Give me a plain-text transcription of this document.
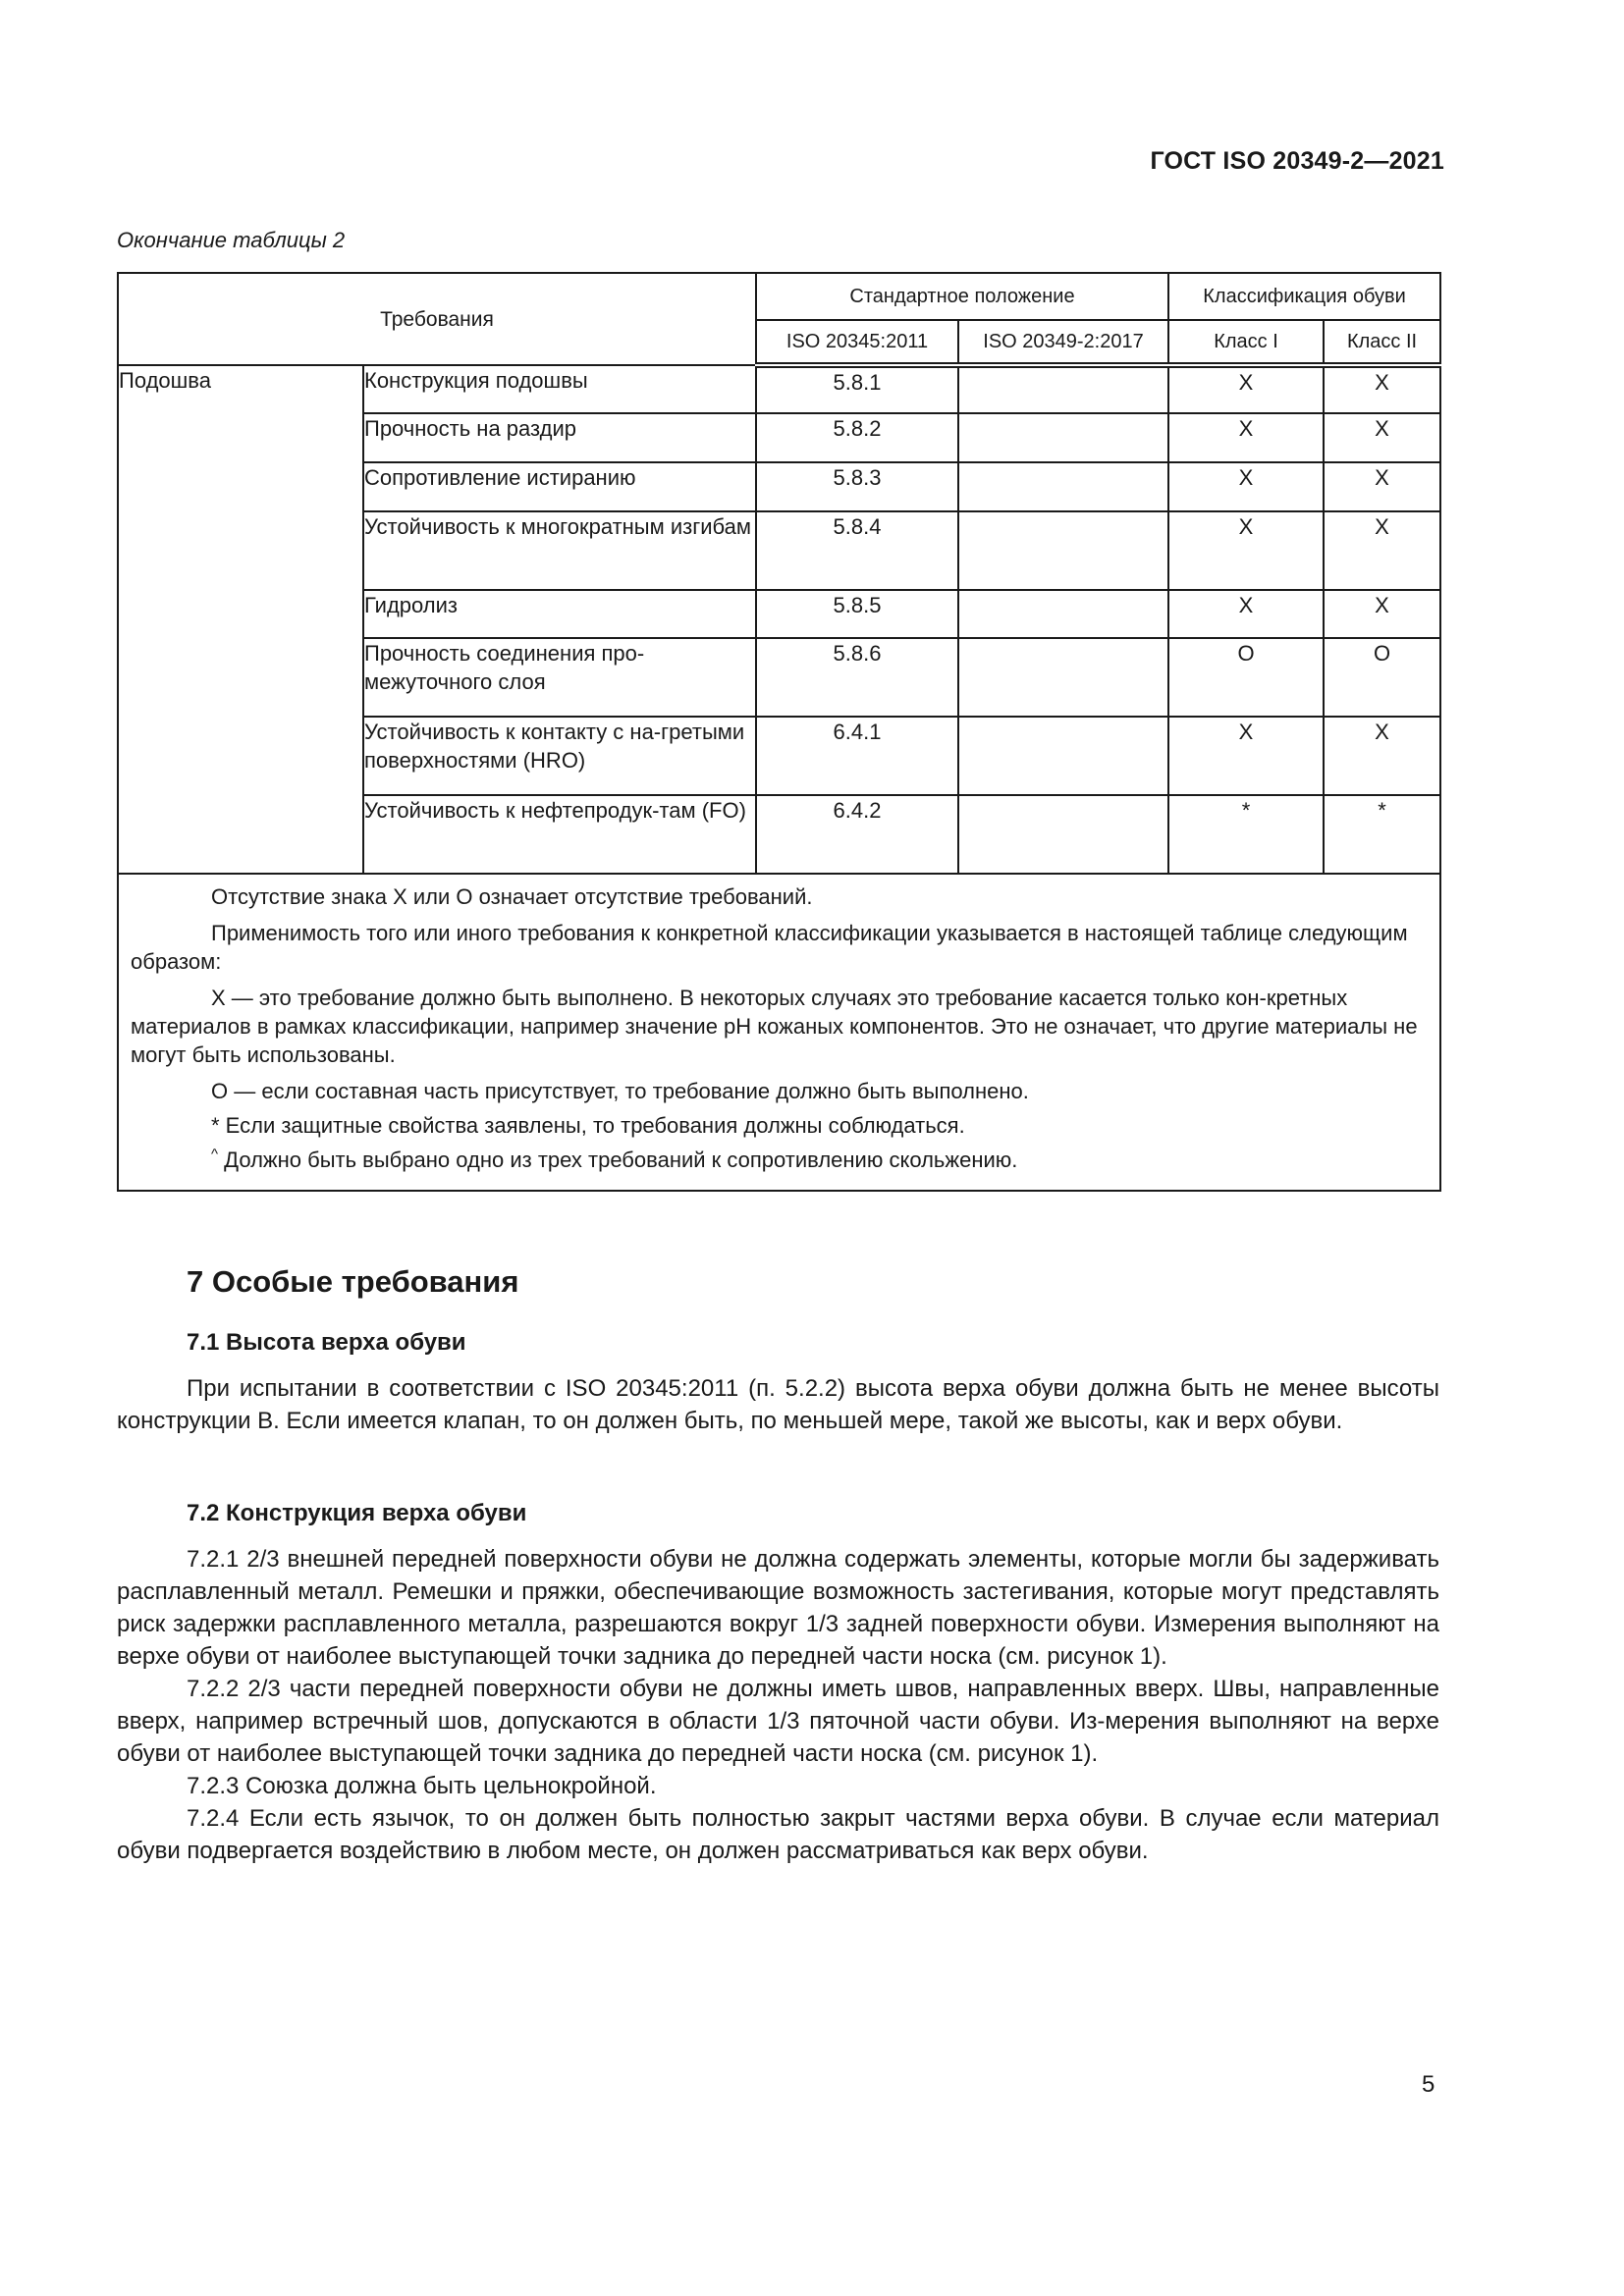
ГОСТ ISO 20349-2—2021
Окончание таблицы 2
Требования		Стандартное положение		Классификация обуви	
		ISO 20345:2011	ISO 20349-2:2017	Класс I	Класс II
Подошва	Конструкция подошвы	5.8.1		X	X
	Прочность на раздир	5.8.2		X	X
	Сопротивление истиранию	5.8.3		X	X
	Устойчивость к многократным изгибам	5.8.4		X	X
	Гидролиз	5.8.5		X	X
	Прочность соединения про-межуточного слоя	5.8.6		O	O
	Устойчивость к контакту с на-гретыми поверхностями (HRO)	6.4.1		X	X
	Устойчивость к нефтепродук-там (FO)	6.4.2		*	*

Отсутствие знака X или O означает отсутствие требований.

Применимость того или иного требования к конкретной классификации указывается в настоящей таблице следующим образом:

X — это требование должно быть выполнено. В некоторых случаях это требование касается только кон-кретных материалов в рамках классификации, например значение pH кожаных компонентов. Это не означает, что другие материалы не могут быть использованы.

O — если составная часть присутствует, то требование должно быть выполнено.

* Если защитные свойства заявлены, то требования должны соблюдаться.

^ Должно быть выбрано одно из трех требований к сопротивлению скольжению.

7 Особые требования
7.1 Высота верха обуви

При испытании в соответствии с ISO 20345:2011 (п. 5.2.2) высота верха обуви должна быть не менее высоты конструкции B. Если имеется клапан, то он должен быть, по меньшей мере, такой же высоты, как и верх обуви.

7.2 Конструкция верха обуви

7.2.1 2/3 внешней передней поверхности обуви не должна содержать элементы, которые могли бы задерживать расплавленный металл. Ремешки и пряжки, обеспечивающие возможность застегивания, которые могут представлять риск задержки расплавленного металла, разрешаются вокруг 1/3 задней поверхности обуви. Измерения выполняют на верхе обуви от наиболее выступающей точки задника до передней части носка (см. рисунок 1).

7.2.2 2/3 части передней поверхности обуви не должны иметь швов, направленных вверх. Швы, направленные вверх, например встречный шов, допускаются в области 1/3 пяточной части обуви. Из-мерения выполняют на верхе обуви от наиболее выступающей точки задника до передней части носка (см. рисунок 1).

7.2.3 Союзка должна быть цельнокройной.

7.2.4 Если есть язычок, то он должен быть полностью закрыт частями верха обуви. В случае если материал обуви подвергается воздействию в любом месте, он должен рассматриваться как верх обуви.

5
